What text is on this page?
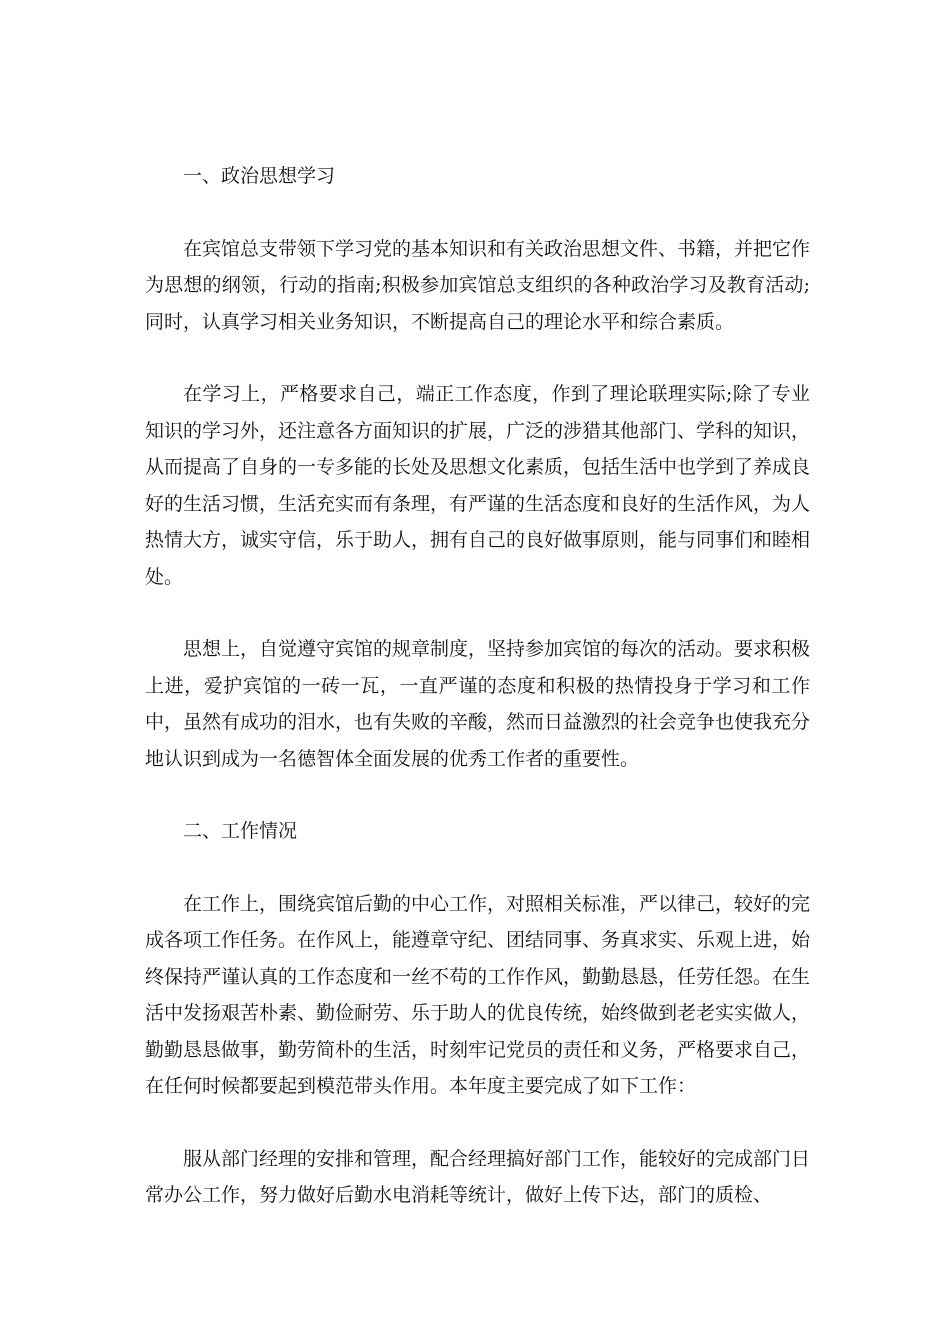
一、政治思想学习

在宾馆总支带领下学习党的基本知识和有关政治思想文件、书籍，并把它作为思想的纲领，行动的指南;积极参加宾馆总支组织的各种政治学习及教育活动;同时，认真学习相关业务知识，不断提高自己的理论水平和综合素质。

在学习上，严格要求自己，端正工作态度，作到了理论联理实际;除了专业知识的学习外，还注意各方面知识的扩展，广泛的涉猎其他部门、学科的知识，从而提高了自身的一专多能的长处及思想文化素质，包括生活中也学到了养成良好的生活习惯，生活充实而有条理，有严谨的生活态度和良好的生活作风，为人热情大方，诚实守信，乐于助人，拥有自己的良好做事原则，能与同事们和睦相处。

思想上，自觉遵守宾馆的规章制度，坚持参加宾馆的每次的活动。要求积极上进，爱护宾馆的一砖一瓦，一直严谨的态度和积极的热情投身于学习和工作中，虽然有成功的泪水，也有失败的辛酸，然而日益激烈的社会竞争也使我充分地认识到成为一名德智体全面发展的优秀工作者的重要性。

二、工作情况

在工作上，围绕宾馆后勤的中心工作，对照相关标准，严以律己，较好的完成各项工作任务。在作风上，能遵章守纪、团结同事、务真求实、乐观上进，始终保持严谨认真的工作态度和一丝不苟的工作作风，勤勤恳恳，任劳任怨。在生活中发扬艰苦朴素、勤俭耐劳、乐于助人的优良传统，始终做到老老实实做人，勤勤恳恳做事，勤劳简朴的生活，时刻牢记党员的责任和义务，严格要求自己，在任何时候都要起到模范带头作用。本年度主要完成了如下工作：

服从部门经理的安排和管理，配合经理搞好部门工作，能较好的完成部门日常办公工作，努力做好后勤水电消耗等统计，做好上传下达，部门的质检、
